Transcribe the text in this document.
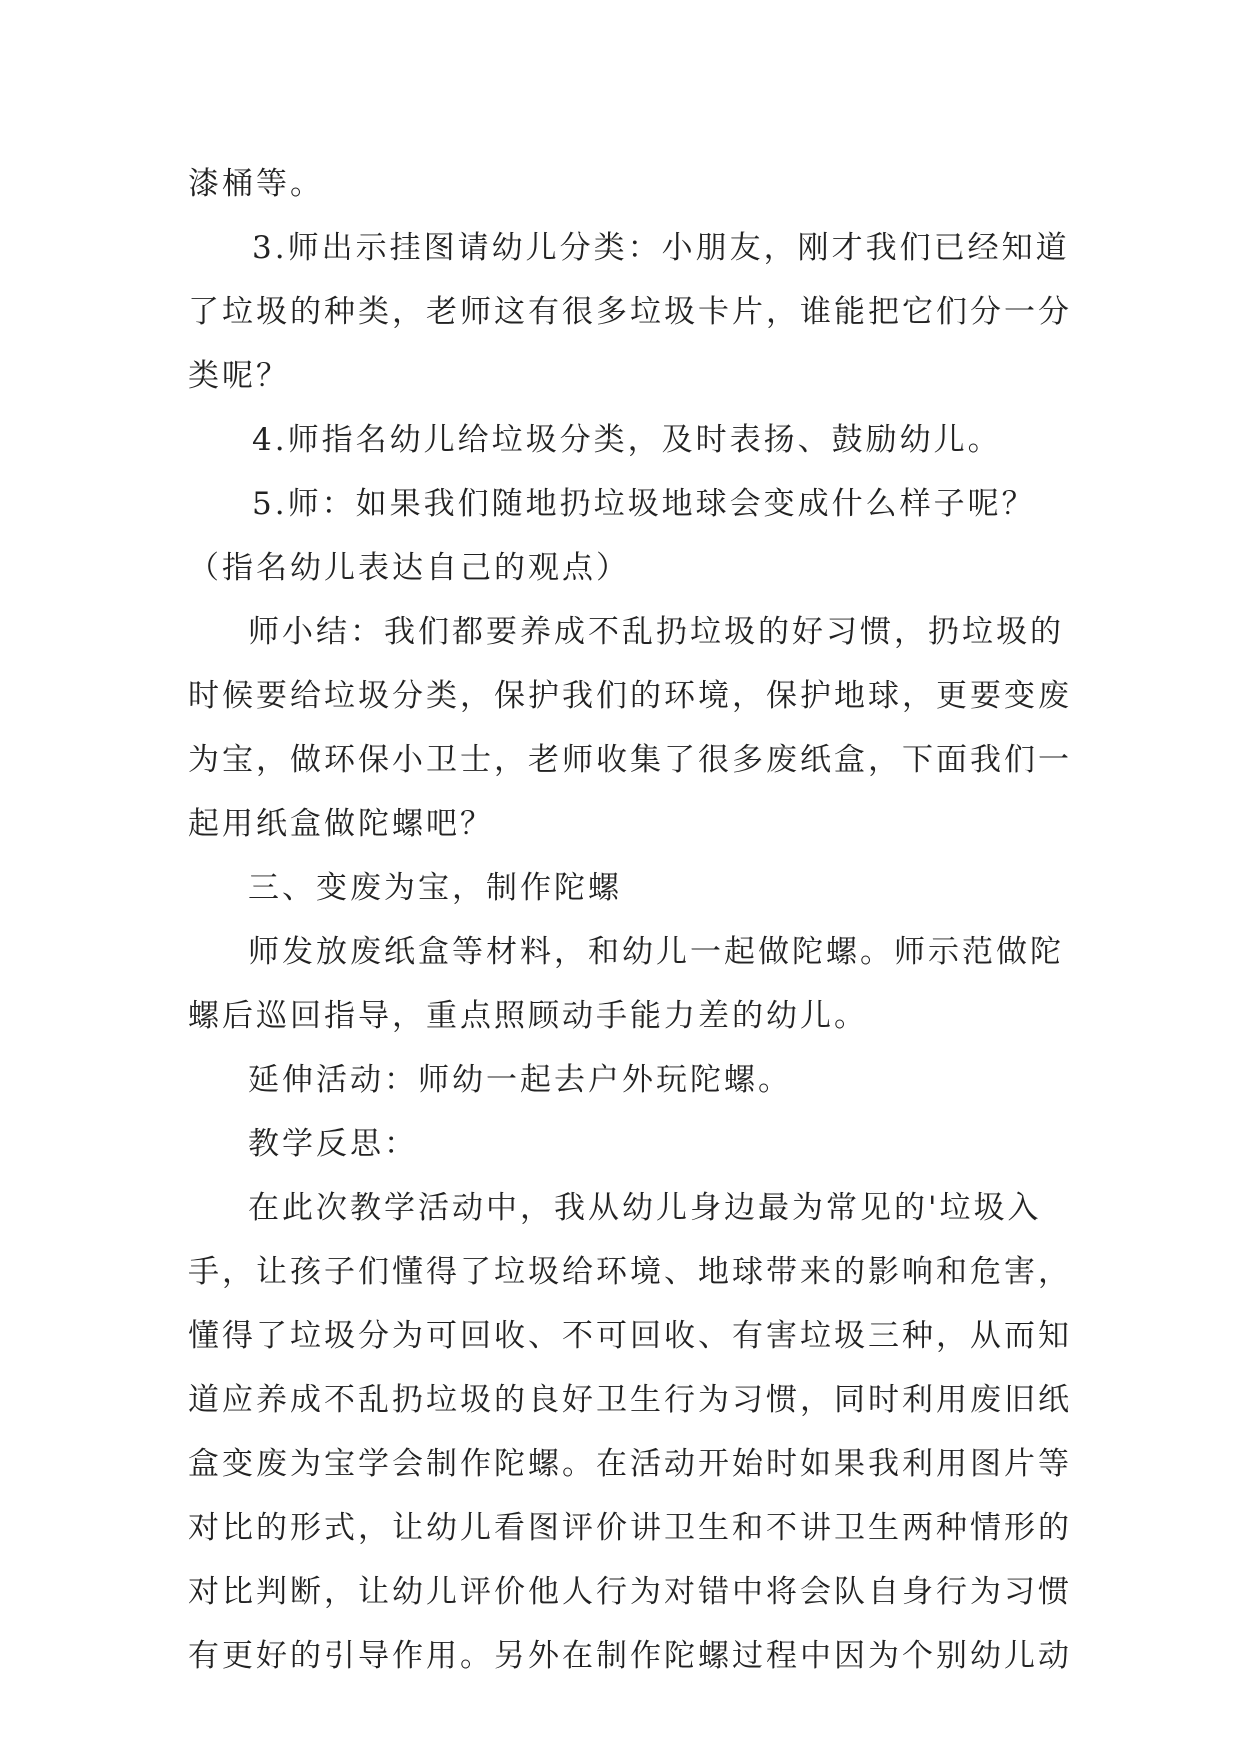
漆桶等。
3.师出示挂图请幼儿分类：小朋友，刚才我们已经知道
了垃圾的种类，老师这有很多垃圾卡片，谁能把它们分一分
类呢？
4.师指名幼儿给垃圾分类，及时表扬、鼓励幼儿。
5.师：如果我们随地扔垃圾地球会变成什么样子呢？
（指名幼儿表达自己的观点）
师小结：我们都要养成不乱扔垃圾的好习惯，扔垃圾的
时候要给垃圾分类，保护我们的环境，保护地球，更要变废
为宝，做环保小卫士，老师收集了很多废纸盒，下面我们一
起用纸盒做陀螺吧？
三、变废为宝，制作陀螺
师发放废纸盒等材料，和幼儿一起做陀螺。师示范做陀
螺后巡回指导，重点照顾动手能力差的幼儿。
延伸活动：师幼一起去户外玩陀螺。
教学反思：
在此次教学活动中，我从幼儿身边最为常见的'垃圾入
手，让孩子们懂得了垃圾给环境、地球带来的影响和危害，
懂得了垃圾分为可回收、不可回收、有害垃圾三种，从而知
道应养成不乱扔垃圾的良好卫生行为习惯，同时利用废旧纸
盒变废为宝学会制作陀螺。在活动开始时如果我利用图片等
对比的形式，让幼儿看图评价讲卫生和不讲卫生两种情形的
对比判断，让幼儿评价他人行为对错中将会队自身行为习惯
有更好的引导作用。另外在制作陀螺过程中因为个别幼儿动
